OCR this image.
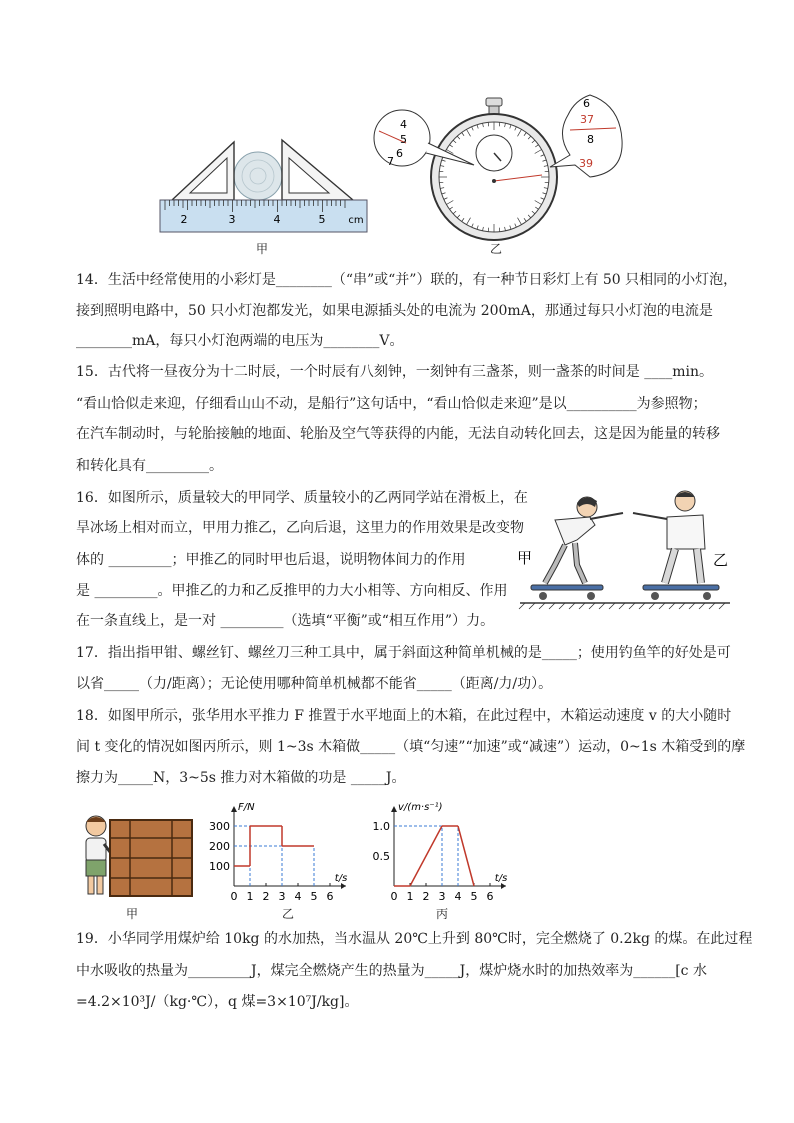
2	3	4	5 cm
甲
4
5
6
7
6
37
8
39
乙
14．生活中经常使用的小彩灯是________（“串”或“并”）联的，有一种节日彩灯上有 50 只相同的小灯泡，
接到照明电路中，50 只小灯泡都发光，如果电源插头处的电流为 200mA，那通过每只小灯泡的电流是
________mA，每只小灯泡两端的电压为________V。
15．古代将一昼夜分为十二时辰，一个时辰有八刻钟，一刻钟有三盏茶，则一盏茶的时间是 ____min。
“看山恰似走来迎，仔细看山山不动，是船行”这句话中，“看山恰似走来迎”是以__________为参照物；
在汽车制动时，与轮胎接触的地面、轮胎及空气等获得的内能，无法自动转化回去，这是因为能量的转移
和转化具有_________。
16．如图所示，质量较大的甲同学、质量较小的乙两同学站在滑板上，在
旱冰场上相对而立，甲用力推乙，乙向后退，这里力的作用效果是改变物
体的 _________；甲推乙的同时甲也后退，说明物体间力的作用
是 _________。甲推乙的力和乙反推甲的力大小相等、方向相反、作用
在一条直线上，是一对 _________（选填“平衡”或“相互作用”）力。
甲	乙
17．指出指甲钳、螺丝钉、螺丝刀三种工具中，属于斜面这种简单机械的是_____；使用钓鱼竿的好处是可
以省_____（力/距离）；无论使用哪种简单机械都不能省_____（距离/力/功）。
18．如图甲所示，张华用水平推力 F 推置于水平地面上的木箱，在此过程中，木箱运动速度 v 的大小随时
间 t 变化的情况如图丙所示，则 1~3s 木箱做_____（填“匀速”“加速”或“减速”）运动，0~1s 木箱受到的摩
擦力为_____N，3~5s 推力对木箱做的功是 _____J。
甲
0 1 2 3 4 5 6
100
200
300
F/N
t/s
乙
0 1 2 3 4 5 6
0.5
1.0
v/(m·s⁻¹)
t/s
丙
19．小华同学用煤炉给 10kg 的水加热，当水温从 20℃上升到 80℃时，完全燃烧了 0.2kg 的煤。在此过程
中水吸收的热量为_________J，煤完全燃烧产生的热量为_____J，煤炉烧水时的加热效率为______[c 水
=4.2×10³J/（kg·℃），q 煤=3×10⁷J/kg]。
